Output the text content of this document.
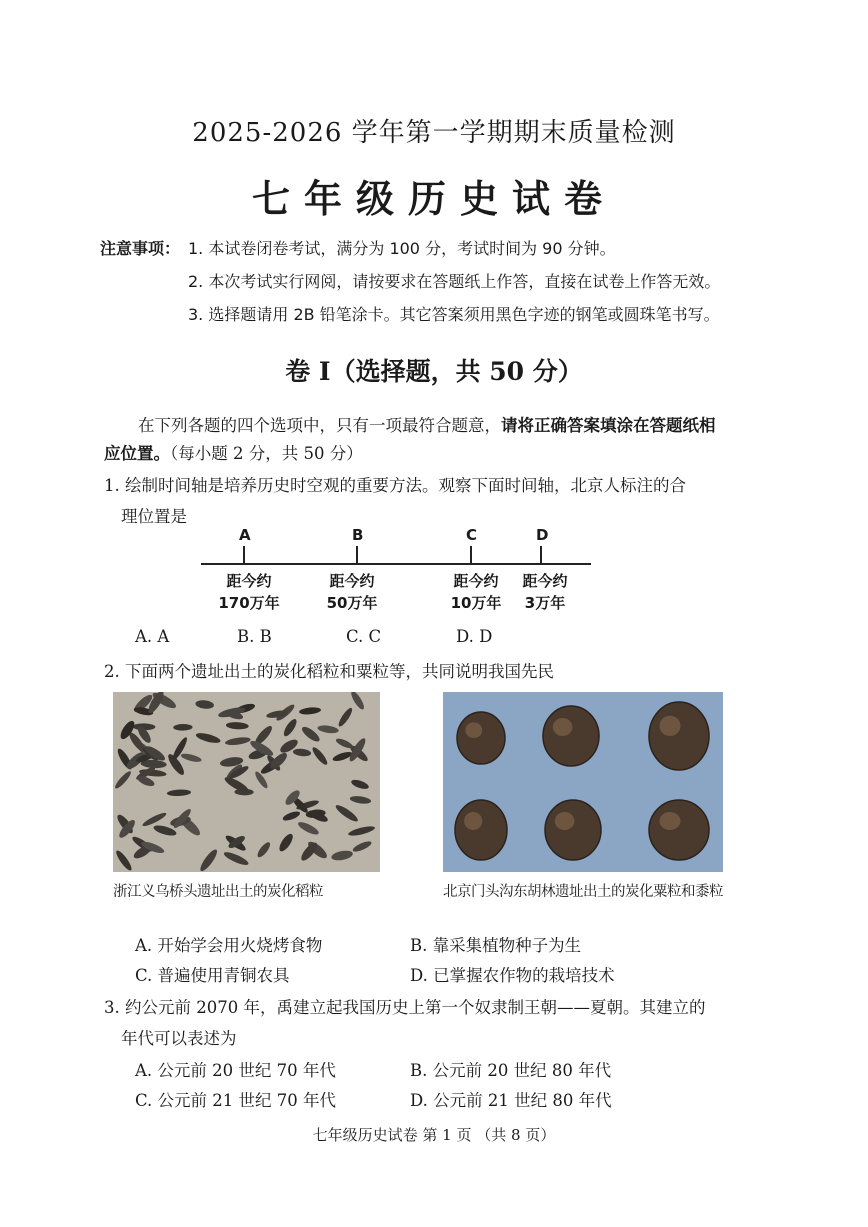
2025-2026 学年第一学期期末质量检测
七年级历史试卷
注意事项： 1. 本试卷闭卷考试，满分为 100 分，考试时间为 90 分钟。
2. 本次考试实行网阅，请按要求在答题纸上作答，直接在试卷上作答无效。
3. 选择题请用 2B 铅笔涂卡。其它答案须用黑色字迹的钢笔或圆珠笔书写。
卷 I（选择题，共 50 分）
在下列各题的四个选项中，只有一项最符合题意，请将正确答案填涂在答题纸相
应位置。（每小题 2 分，共 50 分）
1. 绘制时间轴是培养历史时空观的重要方法。观察下面时间轴，北京人标注的合
理位置是
A	B	C	D
距今约
170万年
距今约
50万年
距今约
10万年
距今约
3万年
A. A	B. B	C. C	D. D
2. 下面两个遗址出土的炭化稻粒和粟粒等，共同说明我国先民
浙江义乌桥头遗址出土的炭化稻粒	北京门头沟东胡林遗址出土的炭化粟粒和黍粒
A. 开始学会用火烧烤食物	B. 靠采集植物种子为生
C. 普遍使用青铜农具	D. 已掌握农作物的栽培技术
3. 约公元前 2070 年，禹建立起我国历史上第一个奴隶制王朝——夏朝。其建立的
年代可以表述为
A. 公元前 20 世纪 70 年代	B. 公元前 20 世纪 80 年代
C. 公元前 21 世纪 70 年代	D. 公元前 21 世纪 80 年代
七年级历史试卷 第 1 页 （共 8 页）
